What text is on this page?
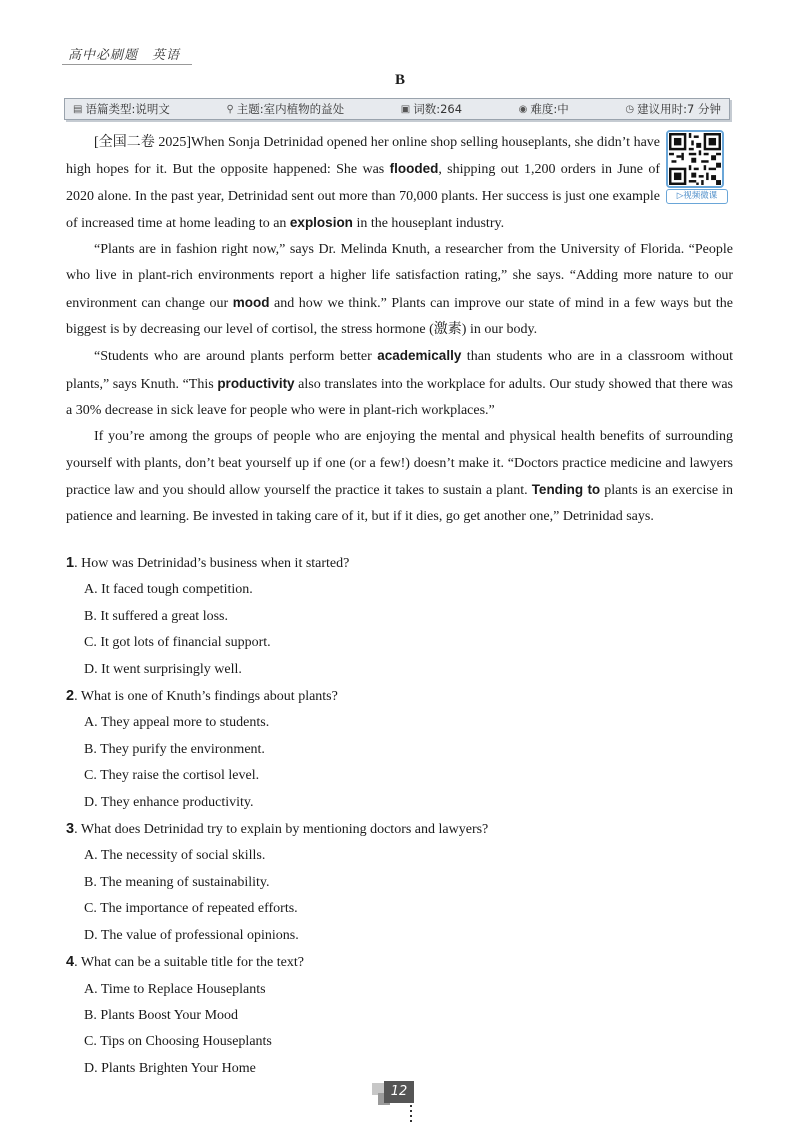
高中必刷题　英语
B
▤ 语篇类型:说明文	⚲ 主题:室内植物的益处	▣ 词数:264	◉ 难度:中	◷ 建议用时:7 分钟
▷视频微课

[全国二卷 2025]When Sonja Detrinidad opened her online shop selling houseplants, she didn’t have high hopes for it. But the opposite happened: She was flooded, shipping out 1,200 orders in June of 2020 alone. In the past year, Detrinidad sent out more than 70,000 plants. Her success is just one example of increased time at home leading to an explosion in the houseplant industry.

“Plants are in fashion right now,” says Dr. Melinda Knuth, a researcher from the University of Florida. “People who live in plant-rich environments report a higher life satisfaction rating,” she says. “Adding more nature to our environment can change our mood and how we think.” Plants can improve our state of mind in a few ways but the biggest is by decreasing our level of cortisol, the stress hormone (激素) in our body.

“Students who are around plants perform better academically than students who are in a classroom without plants,” says Knuth. “This productivity also translates into the workplace for adults. Our study showed that there was a 30% decrease in sick leave for people who were in plant-rich workplaces.”

If you’re among the groups of people who are enjoying the mental and physical health benefits of surrounding yourself with plants, don’t beat yourself up if one (or a few!) doesn’t make it. “Doctors practice medicine and lawyers practice law and you should allow yourself the practice it takes to sustain a plant. Tending to plants is an exercise in patience and learning. Be invested in taking care of it, but if it dies, go get another one,” Detrinidad says.

1. How was Detrinidad’s business when it started?

A. It faced tough competition.

B. It suffered a great loss.

C. It got lots of financial support.

D. It went surprisingly well.

2. What is one of Knuth’s findings about plants?

A. They appeal more to students.

B. They purify the environment.

C. They raise the cortisol level.

D. They enhance productivity.

3. What does Detrinidad try to explain by mentioning doctors and lawyers?

A. The necessity of social skills.

B. The meaning of sustainability.

C. The importance of repeated efforts.

D. The value of professional opinions.

4. What can be a suitable title for the text?

A. Time to Replace Houseplants

B. Plants Boost Your Mood

C. Tips on Choosing Houseplants

D. Plants Brighten Your Home

12
